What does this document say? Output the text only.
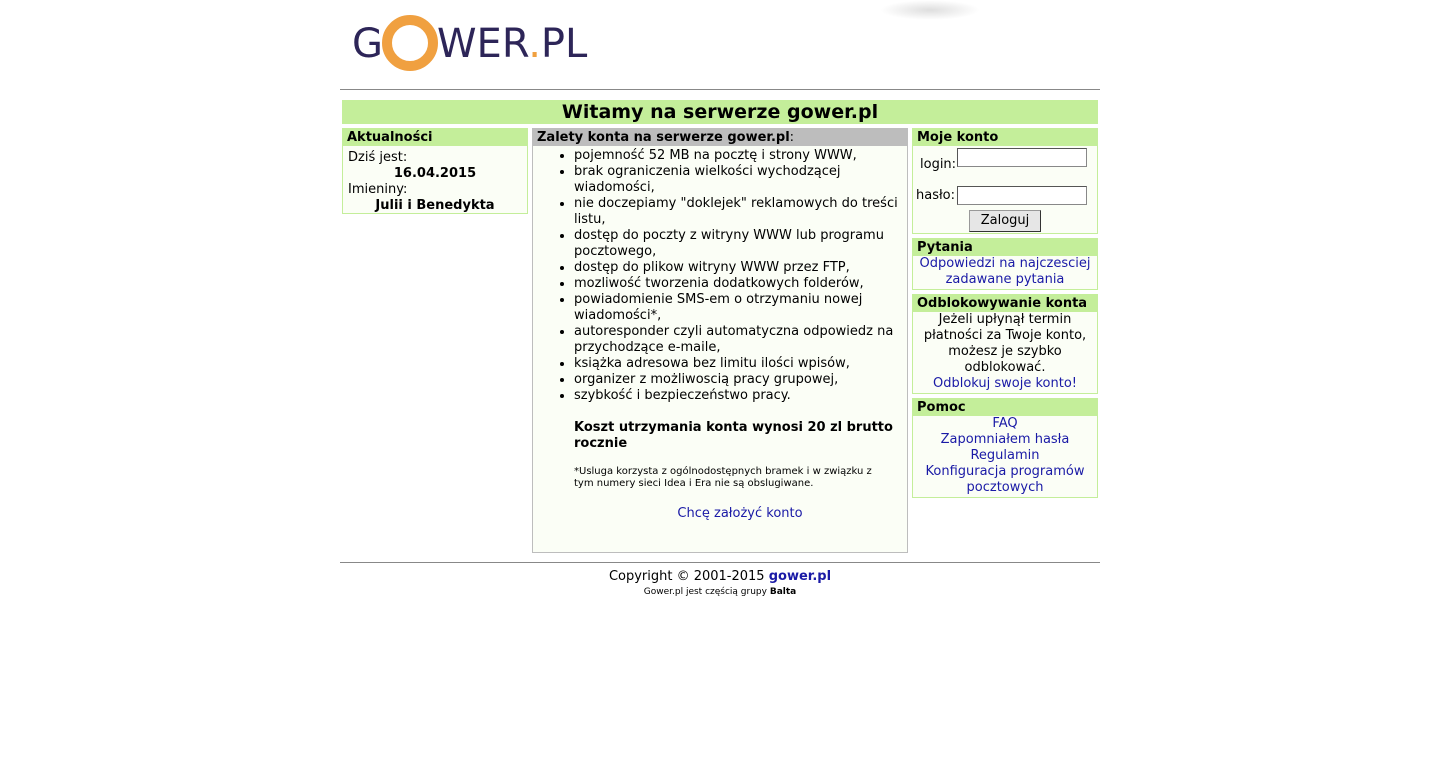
G WER.PL
Witamy na serwerze gower.pl
Aktualności
Dziś jest:
16.04.2015
Imieniny:
Julii i Benedykta
Zalety konta na serwerze gower.pl:
• pojemność 52 MB na pocztę i strony WWW,
• brak ograniczenia wielkości wychodzącej wiadomości,
• nie doczepiamy "doklejek" reklamowych do treści listu,
• dostęp do poczty z witryny WWW lub programu pocztowego,
• dostęp do plikow witryny WWW przez FTP,
• mozliwość tworzenia dodatkowych folderów,
• powiadomienie SMS-em o otrzymaniu nowej wiadomości*,
• autoresponder czyli automatyczna odpowiedz na przychodzące e-maile,
• książka adresowa bez limitu ilości wpisów,
• organizer z możliwoscią pracy grupowej,
• szybkość i bezpieczeństwo pracy.
Koszt utrzymania konta wynosi 20 zl brutto rocznie
*Usluga korzysta z ogólnodostępnych bramek i w związku z tym numery sieci Idea i Era nie są obslugiwane.
Chcę założyć konto
Moje konto
login:
hasło:
Zaloguj
Pytania
Odpowiedzi na najczesciej zadawane pytania
Odblokowywanie konta
Jeżeli upłynął termin płatności za Twoje konto, możesz je szybko odblokować.
Odblokuj swoje konto!
Pomoc
FAQ
Zapomniałem hasła
Regulamin
Konfiguracja programów pocztowych
Copyright © 2001-2015 gower.pl
Gower.pl jest częścią grupy Balta
